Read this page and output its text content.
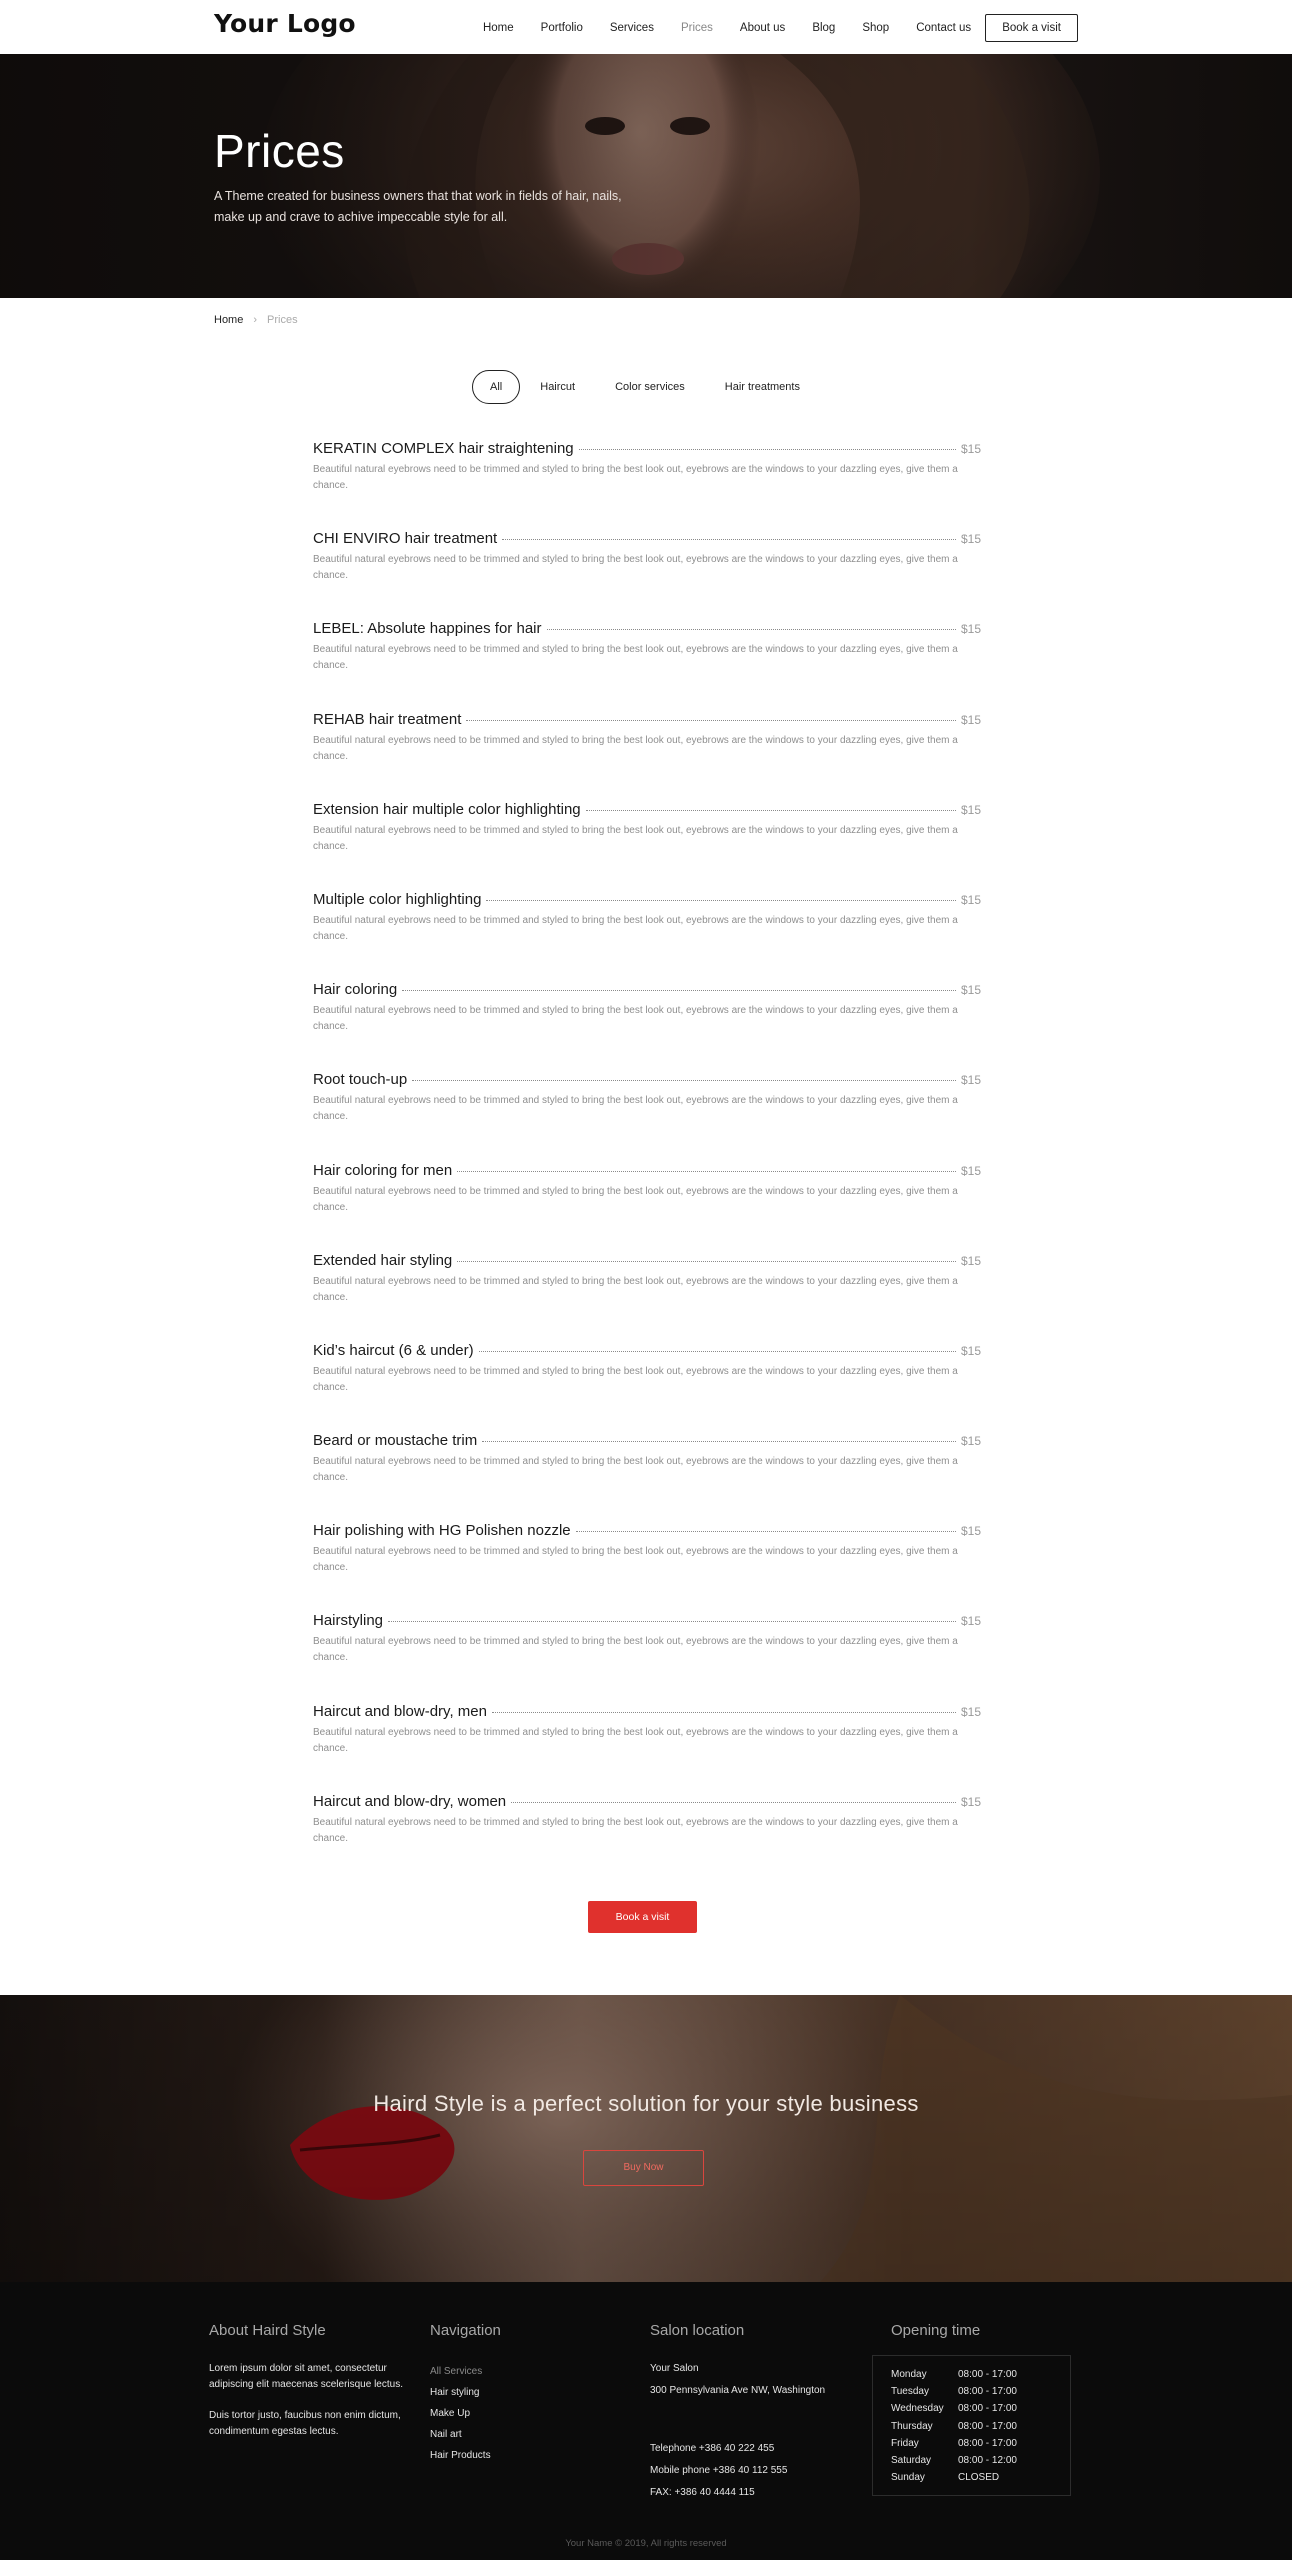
Your Logo	Home Portfolio Services Prices About us Blog Shop Contact us	Book a visit
Prices
A Theme created for business owners that that work in fields of hair, nails, make up and crave to achive impeccable style for all.
Home › Prices
All	Haircut	Color services	Hair treatments
KERATIN COMPLEX hair straightening	$15
Beautiful natural eyebrows need to be trimmed and styled to bring the best look out, eyebrows are the windows to your dazzling eyes, give them a chance.
CHI ENVIRO hair treatment	$15
Beautiful natural eyebrows need to be trimmed and styled to bring the best look out, eyebrows are the windows to your dazzling eyes, give them a chance.
LEBEL: Absolute happines for hair	$15
Beautiful natural eyebrows need to be trimmed and styled to bring the best look out, eyebrows are the windows to your dazzling eyes, give them a chance.
REHAB hair treatment	$15
Beautiful natural eyebrows need to be trimmed and styled to bring the best look out, eyebrows are the windows to your dazzling eyes, give them a chance.
Extension hair multiple color highlighting	$15
Beautiful natural eyebrows need to be trimmed and styled to bring the best look out, eyebrows are the windows to your dazzling eyes, give them a chance.
Multiple color highlighting	$15
Beautiful natural eyebrows need to be trimmed and styled to bring the best look out, eyebrows are the windows to your dazzling eyes, give them a chance.
Hair coloring	$15
Beautiful natural eyebrows need to be trimmed and styled to bring the best look out, eyebrows are the windows to your dazzling eyes, give them a chance.
Root touch-up	$15
Beautiful natural eyebrows need to be trimmed and styled to bring the best look out, eyebrows are the windows to your dazzling eyes, give them a chance.
Hair coloring for men	$15
Beautiful natural eyebrows need to be trimmed and styled to bring the best look out, eyebrows are the windows to your dazzling eyes, give them a chance.
Extended hair styling	$15
Beautiful natural eyebrows need to be trimmed and styled to bring the best look out, eyebrows are the windows to your dazzling eyes, give them a chance.
Kid’s haircut (6 & under)	$15
Beautiful natural eyebrows need to be trimmed and styled to bring the best look out, eyebrows are the windows to your dazzling eyes, give them a chance.
Beard or moustache trim	$15
Beautiful natural eyebrows need to be trimmed and styled to bring the best look out, eyebrows are the windows to your dazzling eyes, give them a chance.
Hair polishing with HG Polishen nozzle	$15
Beautiful natural eyebrows need to be trimmed and styled to bring the best look out, eyebrows are the windows to your dazzling eyes, give them a chance.
Hairstyling	$15
Beautiful natural eyebrows need to be trimmed and styled to bring the best look out, eyebrows are the windows to your dazzling eyes, give them a chance.
Haircut and blow-dry, men	$15
Beautiful natural eyebrows need to be trimmed and styled to bring the best look out, eyebrows are the windows to your dazzling eyes, give them a chance.
Haircut and blow-dry, women	$15
Beautiful natural eyebrows need to be trimmed and styled to bring the best look out, eyebrows are the windows to your dazzling eyes, give them a chance.
Book a visit
Haird Style is a perfect solution for your style business
Buy Now
About Haird Style
Lorem ipsum dolor sit amet, consectetur adipiscing elit maecenas scelerisque lectus.
Duis tortor justo, faucibus non enim dictum, condimentum egestas lectus.
Navigation
All Services
Hair styling
Make Up
Nail art
Hair Products
Salon location
Your Salon
300 Pennsylvania Ave NW, Washington
Telephone +386 40 222 455
Mobile phone +386 40 112 555
FAX: +386 40 4444 115
Opening time
Monday	08:00 - 17:00
Tuesday	08:00 - 17:00
Wednesday	08:00 - 17:00
Thursday	08:00 - 17:00
Friday	08:00 - 17:00
Saturday	08:00 - 12:00
Sunday	CLOSED
Your Name © 2019, All rights reserved
